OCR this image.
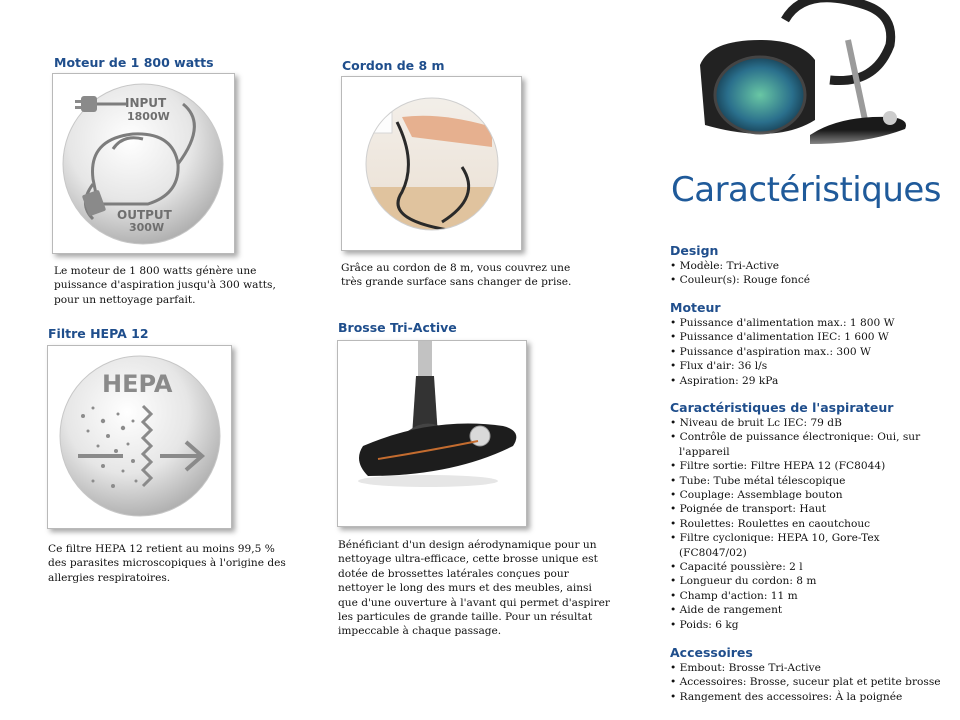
Moteur de 1 800 watts
INPUT
1800W
OUTPUT
300W
Le moteur de 1 800 watts génère une puissance d'aspiration jusqu'à 300 watts, pour un nettoyage parfait.
Cordon de 8 m
Grâce au cordon de 8 m, vous couvrez une très grande surface sans changer de prise.
Filtre HEPA 12
HEPA
Ce filtre HEPA 12 retient au moins 99,5 % des parasites microscopiques à l'origine des allergies respiratoires.
Brosse Tri-Active
Bénéficiant d'un design aérodynamique pour un nettoyage ultra-efficace, cette brosse unique est dotée de brossettes latérales conçues pour nettoyer le long des murs et des meubles, ainsi que d'une ouverture à l'avant qui permet d'aspirer les particules de grande taille. Pour un résultat impeccable à chaque passage.
Caractéristiques
Design
• Modèle: Tri-Active
• Couleur(s): Rouge foncé
Moteur
• Puissance d'alimentation max.: 1 800 W
• Puissance d'alimentation IEC: 1 600 W
• Puissance d'aspiration max.: 300 W
• Flux d'air: 36 l/s
• Aspiration: 29 kPa
Caractéristiques de l'aspirateur
• Niveau de bruit Lc IEC: 79 dB
• Contrôle de puissance électronique: Oui, sur l'appareil
• Filtre sortie: Filtre HEPA 12 (FC8044)
• Tube: Tube métal télescopique
• Couplage: Assemblage bouton
• Poignée de transport: Haut
• Roulettes: Roulettes en caoutchouc
• Filtre cyclonique: HEPA 10, Gore-Tex (FC8047/02)
• Capacité poussière: 2 l
• Longueur du cordon: 8 m
• Champ d'action: 11 m
• Aide de rangement
• Poids: 6 kg
Accessoires
• Embout: Brosse Tri-Active
• Accessoires: Brosse, suceur plat et petite brosse
• Rangement des accessoires: À la poignée
